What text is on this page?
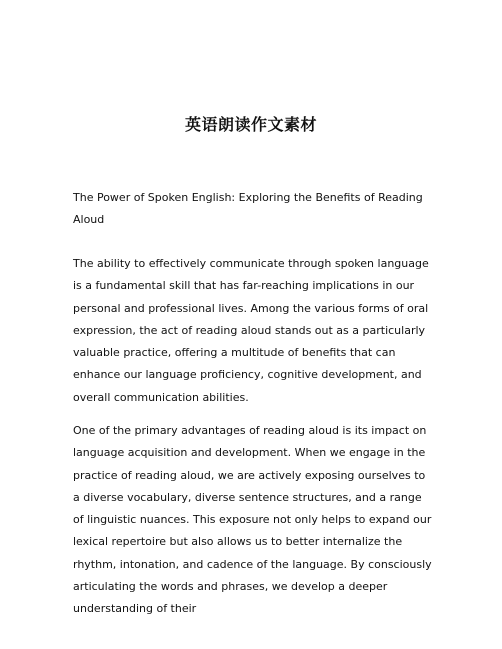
英语朗读作文素材

The Power of Spoken English: Exploring the Benefits of Reading Aloud

The ability to effectively communicate through spoken language is a fundamental skill that has far-reaching implications in our personal and professional lives. Among the various forms of oral expression, the act of reading aloud stands out as a particularly valuable practice, offering a multitude of benefits that can enhance our language proficiency, cognitive development, and overall communication abilities.

One of the primary advantages of reading aloud is its impact on language acquisition and development. When we engage in the practice of reading aloud, we are actively exposing ourselves to a diverse vocabulary, diverse sentence structures, and a range of linguistic nuances. This exposure not only helps to expand our lexical repertoire but also allows us to better internalize the rhythm, intonation, and cadence of the language. By consciously articulating the words and phrases, we develop a deeper understanding of their
